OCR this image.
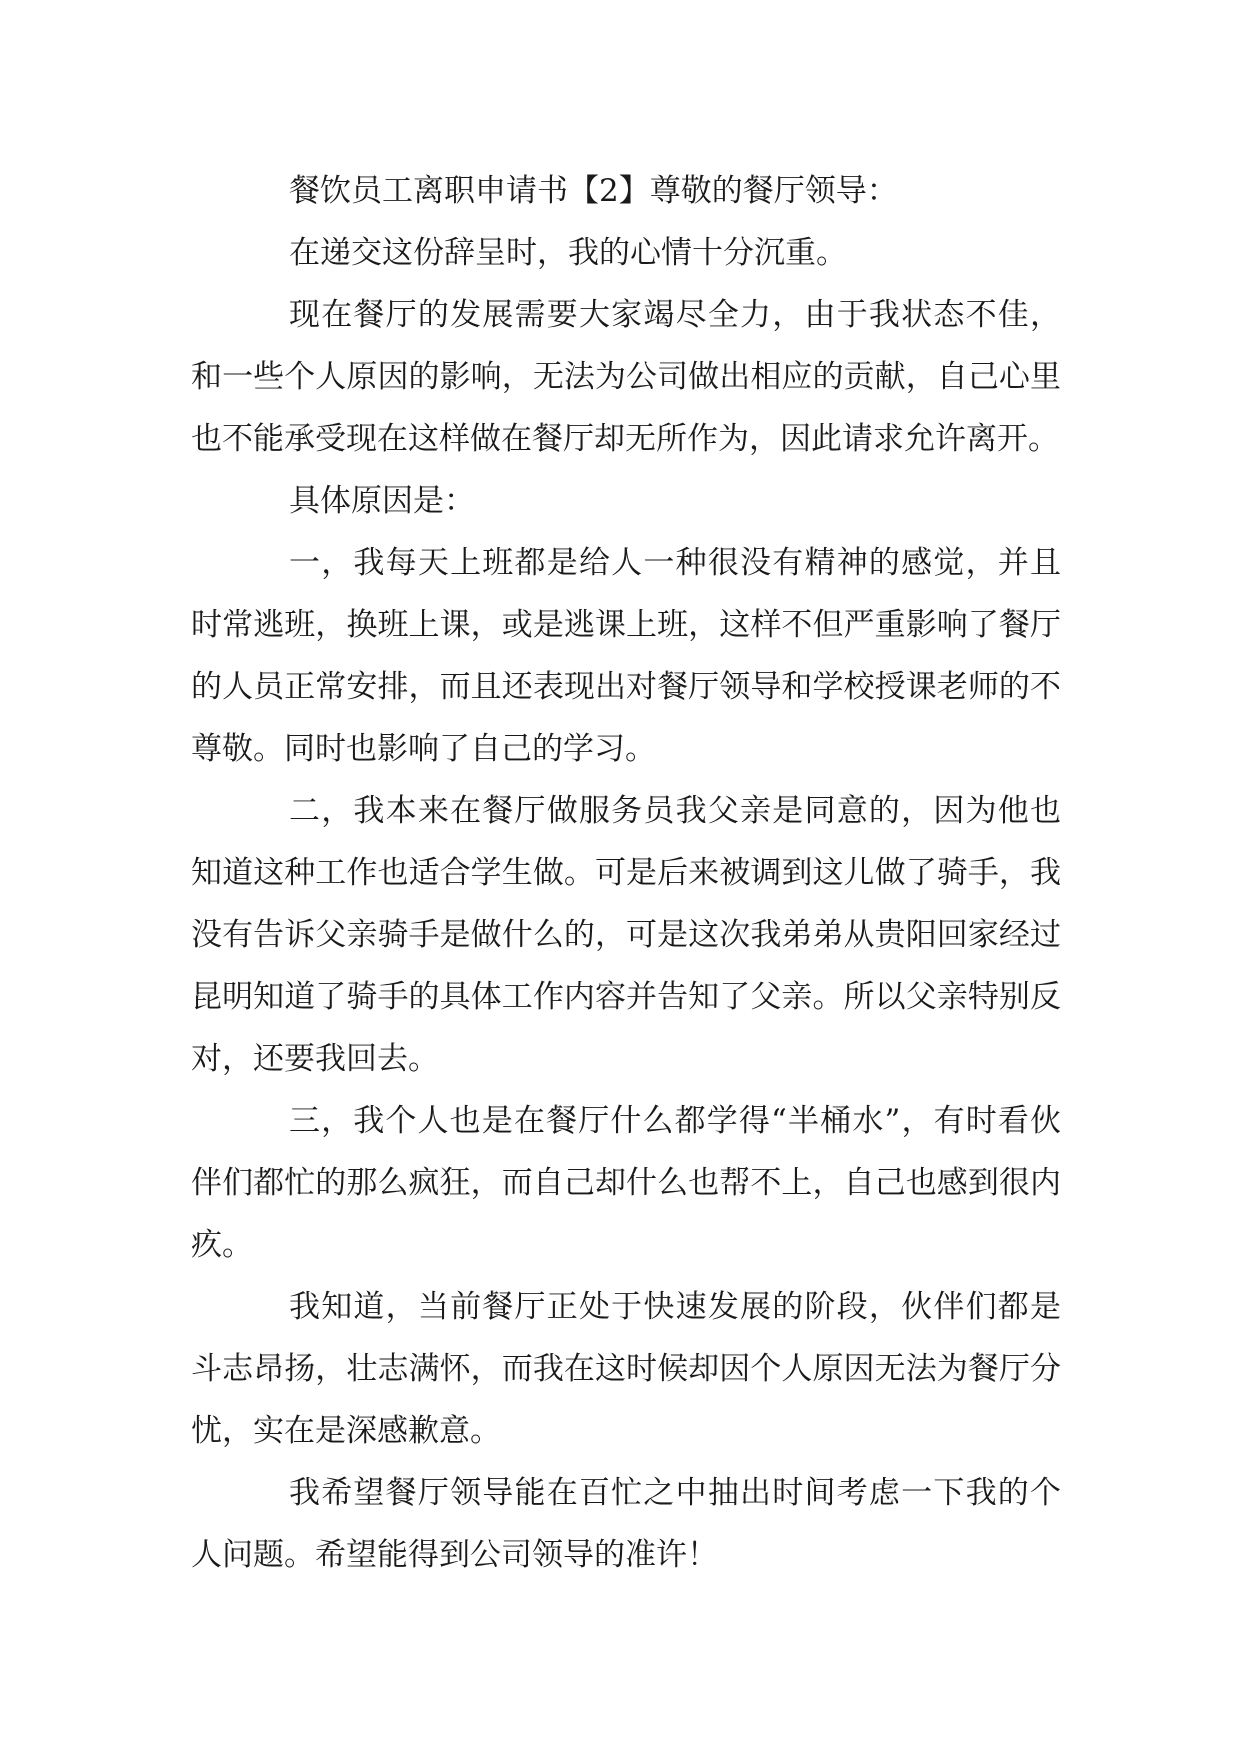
餐饮员工离职申请书【2】尊敬的餐厅领导：

在递交这份辞呈时，我的心情十分沉重。

现在餐厅的发展需要大家竭尽全力，由于我状态不佳，和一些个人原因的影响，无法为公司做出相应的贡献，自己心里也不能承受现在这样做在餐厅却无所作为，因此请求允许离开。

具体原因是：

一，我每天上班都是给人一种很没有精神的感觉，并且时常逃班，换班上课，或是逃课上班，这样不但严重影响了餐厅的人员正常安排，而且还表现出对餐厅领导和学校授课老师的不尊敬。同时也影响了自己的学习。

二，我本来在餐厅做服务员我父亲是同意的，因为他也知道这种工作也适合学生做。可是后来被调到这儿做了骑手，我没有告诉父亲骑手是做什么的，可是这次我弟弟从贵阳回家经过昆明知道了骑手的具体工作内容并告知了父亲。所以父亲特别反对，还要我回去。

三，我个人也是在餐厅什么都学得“半桶水”，有时看伙伴们都忙的那么疯狂，而自己却什么也帮不上，自己也感到很内疚。

我知道，当前餐厅正处于快速发展的阶段，伙伴们都是斗志昂扬，壮志满怀，而我在这时候却因个人原因无法为餐厅分忧，实在是深感歉意。

我希望餐厅领导能在百忙之中抽出时间考虑一下我的个人问题。希望能得到公司领导的准许！
